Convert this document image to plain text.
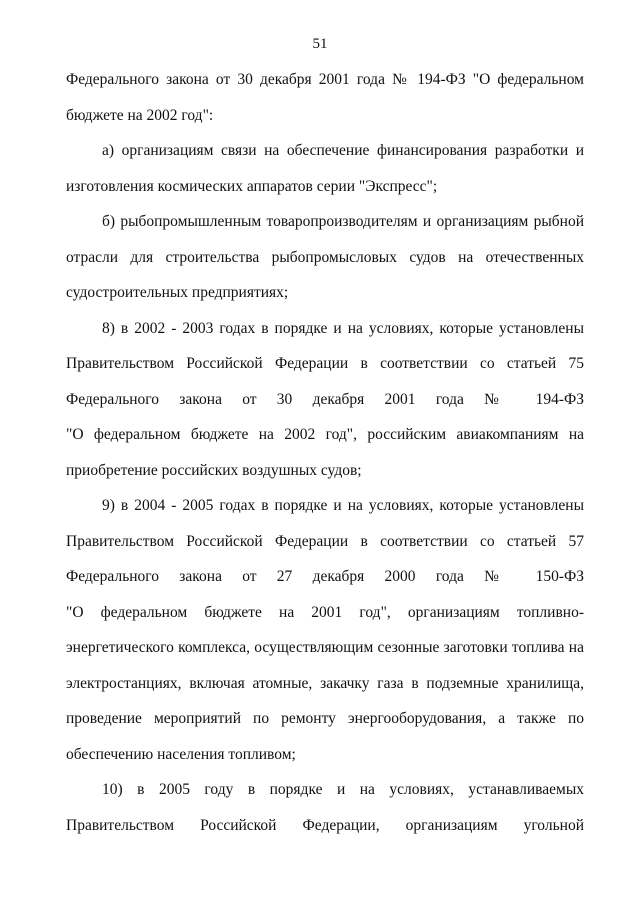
51
Федерального закона от 30 декабря 2001 года № 194-ФЗ "О федеральном
бюджете на 2002 год":
а) организациям связи на обеспечение финансирования разработки и
изготовления космических аппаратов серии "Экспресс";
б) рыбопромышленным товаропроизводителям и организациям рыбной
отрасли для строительства рыбопромысловых судов на отечественных
судостроительных предприятиях;
8) в 2002 - 2003 годах в порядке и на условиях, которые установлены
Правительством Российской Федерации в соответствии со статьей 75
Федерального закона от 30 декабря 2001 года № 194-ФЗ
"О федеральном бюджете на 2002 год", российским авиакомпаниям на
приобретение российских воздушных судов;
9) в 2004 - 2005 годах в порядке и на условиях, которые установлены
Правительством Российской Федерации в соответствии со статьей 57
Федерального закона от 27 декабря 2000 года № 150-ФЗ
"О федеральном бюджете на 2001 год", организациям топливно-
энергетического комплекса, осуществляющим сезонные заготовки топлива на
электростанциях, включая атомные, закачку газа в подземные хранилища,
проведение мероприятий по ремонту энергооборудования, а также по
обеспечению населения топливом;
10) в 2005 году в порядке и на условиях, устанавливаемых
Правительством Российской Федерации, организациям угольной
